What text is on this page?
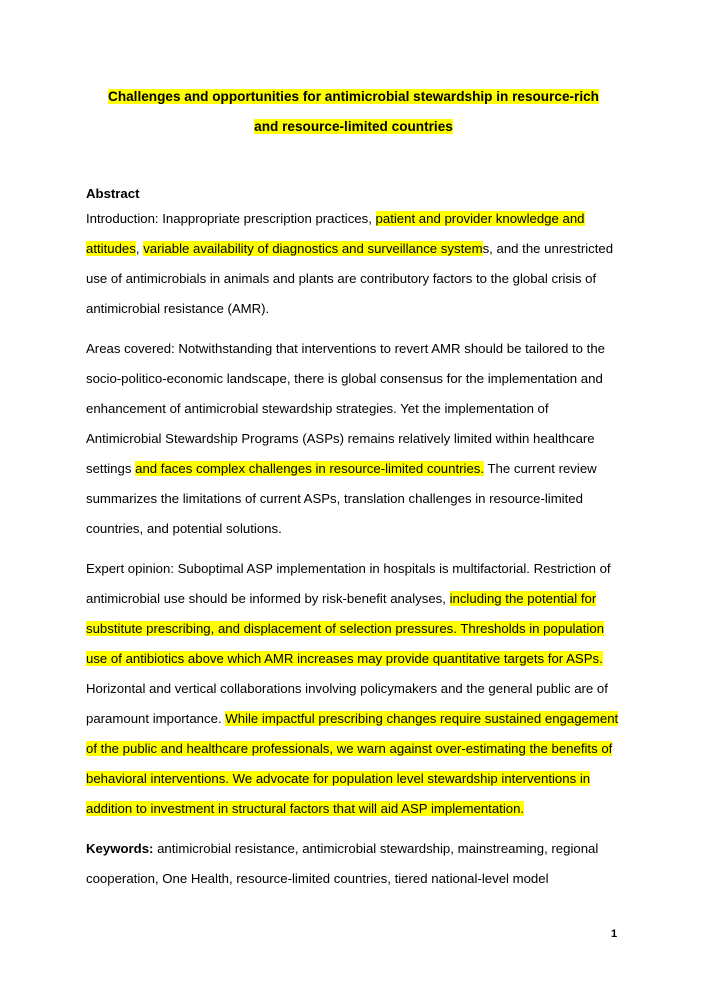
Challenges and opportunities for antimicrobial stewardship in resource-rich
and resource-limited countries
Abstract
Introduction: Inappropriate prescription practices, patient and provider knowledge and
attitudes, variable availability of diagnostics and surveillance systems, and the unrestricted
use of antimicrobials in animals and plants are contributory factors to the global crisis of
antimicrobial resistance (AMR).
Areas covered: Notwithstanding that interventions to revert AMR should be tailored to the
socio-politico-economic landscape, there is global consensus for the implementation and
enhancement of antimicrobial stewardship strategies. Yet the implementation of
Antimicrobial Stewardship Programs (ASPs) remains relatively limited within healthcare
settings and faces complex challenges in resource-limited countries. The current review
summarizes the limitations of current ASPs, translation challenges in resource-limited
countries, and potential solutions.
Expert opinion: Suboptimal ASP implementation in hospitals is multifactorial. Restriction of
antimicrobial use should be informed by risk-benefit analyses, including the potential for
substitute prescribing, and displacement of selection pressures. Thresholds in population
use of antibiotics above which AMR increases may provide quantitative targets for ASPs.
Horizontal and vertical collaborations involving policymakers and the general public are of
paramount importance. While impactful prescribing changes require sustained engagement
of the public and healthcare professionals, we warn against over-estimating the benefits of
behavioral interventions. We advocate for population level stewardship interventions in
addition to investment in structural factors that will aid ASP implementation.
Keywords: antimicrobial resistance, antimicrobial stewardship, mainstreaming, regional
cooperation, One Health, resource-limited countries, tiered national-level model
1
